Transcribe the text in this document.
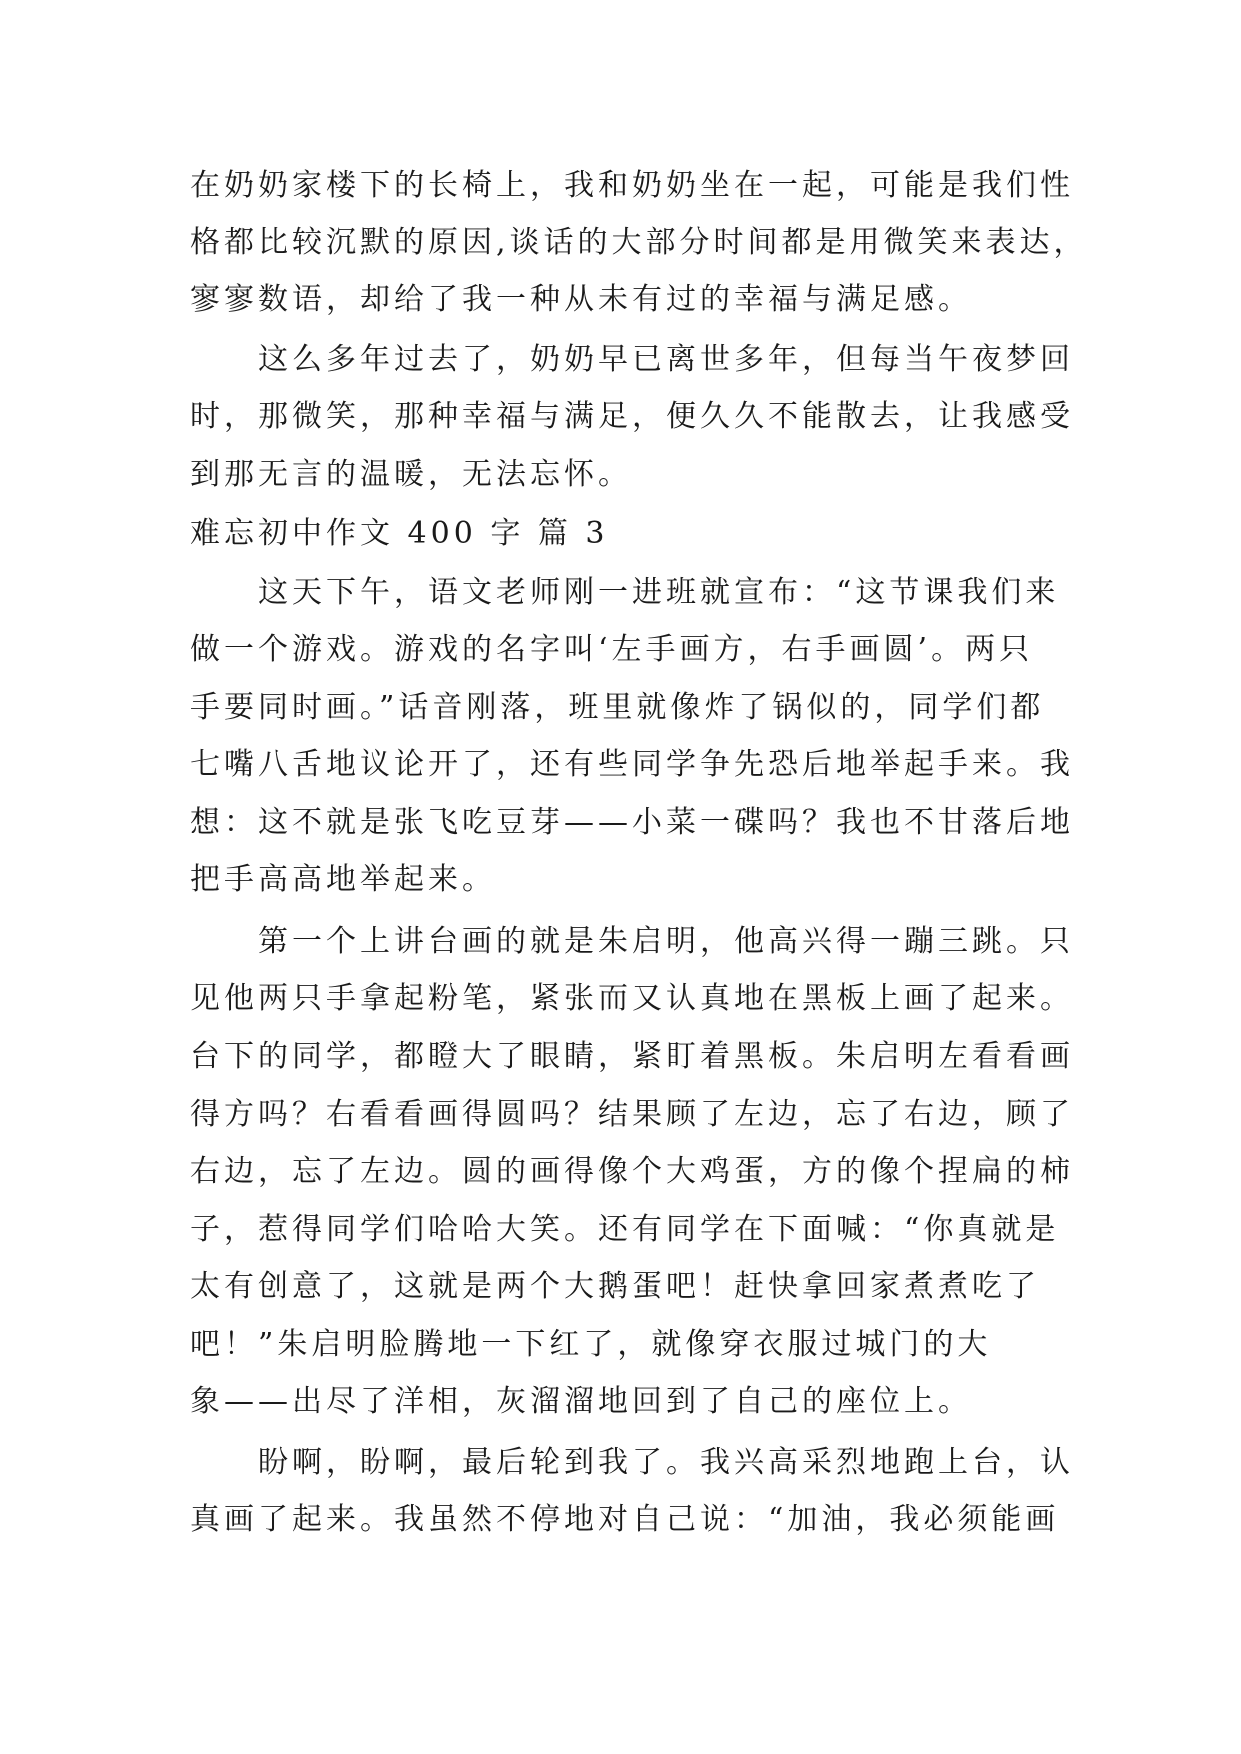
在奶奶家楼下的长椅上，我和奶奶坐在一起，可能是我们性
格都比较沉默的原因,谈话的大部分时间都是用微笑来表达，
寥寥数语，却给了我一种从未有过的幸福与满足感。
　　这么多年过去了，奶奶早已离世多年，但每当午夜梦回
时，那微笑，那种幸福与满足，便久久不能散去，让我感受
到那无言的温暖，无法忘怀。
难忘初中作文 400 字 篇 3
　　这天下午，语文老师刚一进班就宣布：“这节课我们来
做一个游戏。游戏的名字叫‘左手画方，右手画圆’。两只
手要同时画。”话音刚落，班里就像炸了锅似的，同学们都
七嘴八舌地议论开了，还有些同学争先恐后地举起手来。我
想：这不就是张飞吃豆芽——小菜一碟吗？我也不甘落后地
把手高高地举起来。
　　第一个上讲台画的就是朱启明，他高兴得一蹦三跳。只
见他两只手拿起粉笔，紧张而又认真地在黑板上画了起来。
台下的同学，都瞪大了眼睛，紧盯着黑板。朱启明左看看画
得方吗？右看看画得圆吗？结果顾了左边，忘了右边，顾了
右边，忘了左边。圆的画得像个大鸡蛋，方的像个捏扁的柿
子，惹得同学们哈哈大笑。还有同学在下面喊：“你真就是
太有创意了，这就是两个大鹅蛋吧！赶快拿回家煮煮吃了
吧！”朱启明脸腾地一下红了，就像穿衣服过城门的大
象——出尽了洋相，灰溜溜地回到了自己的座位上。
　　盼啊，盼啊，最后轮到我了。我兴高采烈地跑上台，认
真画了起来。我虽然不停地对自己说：“加油，我必须能画
